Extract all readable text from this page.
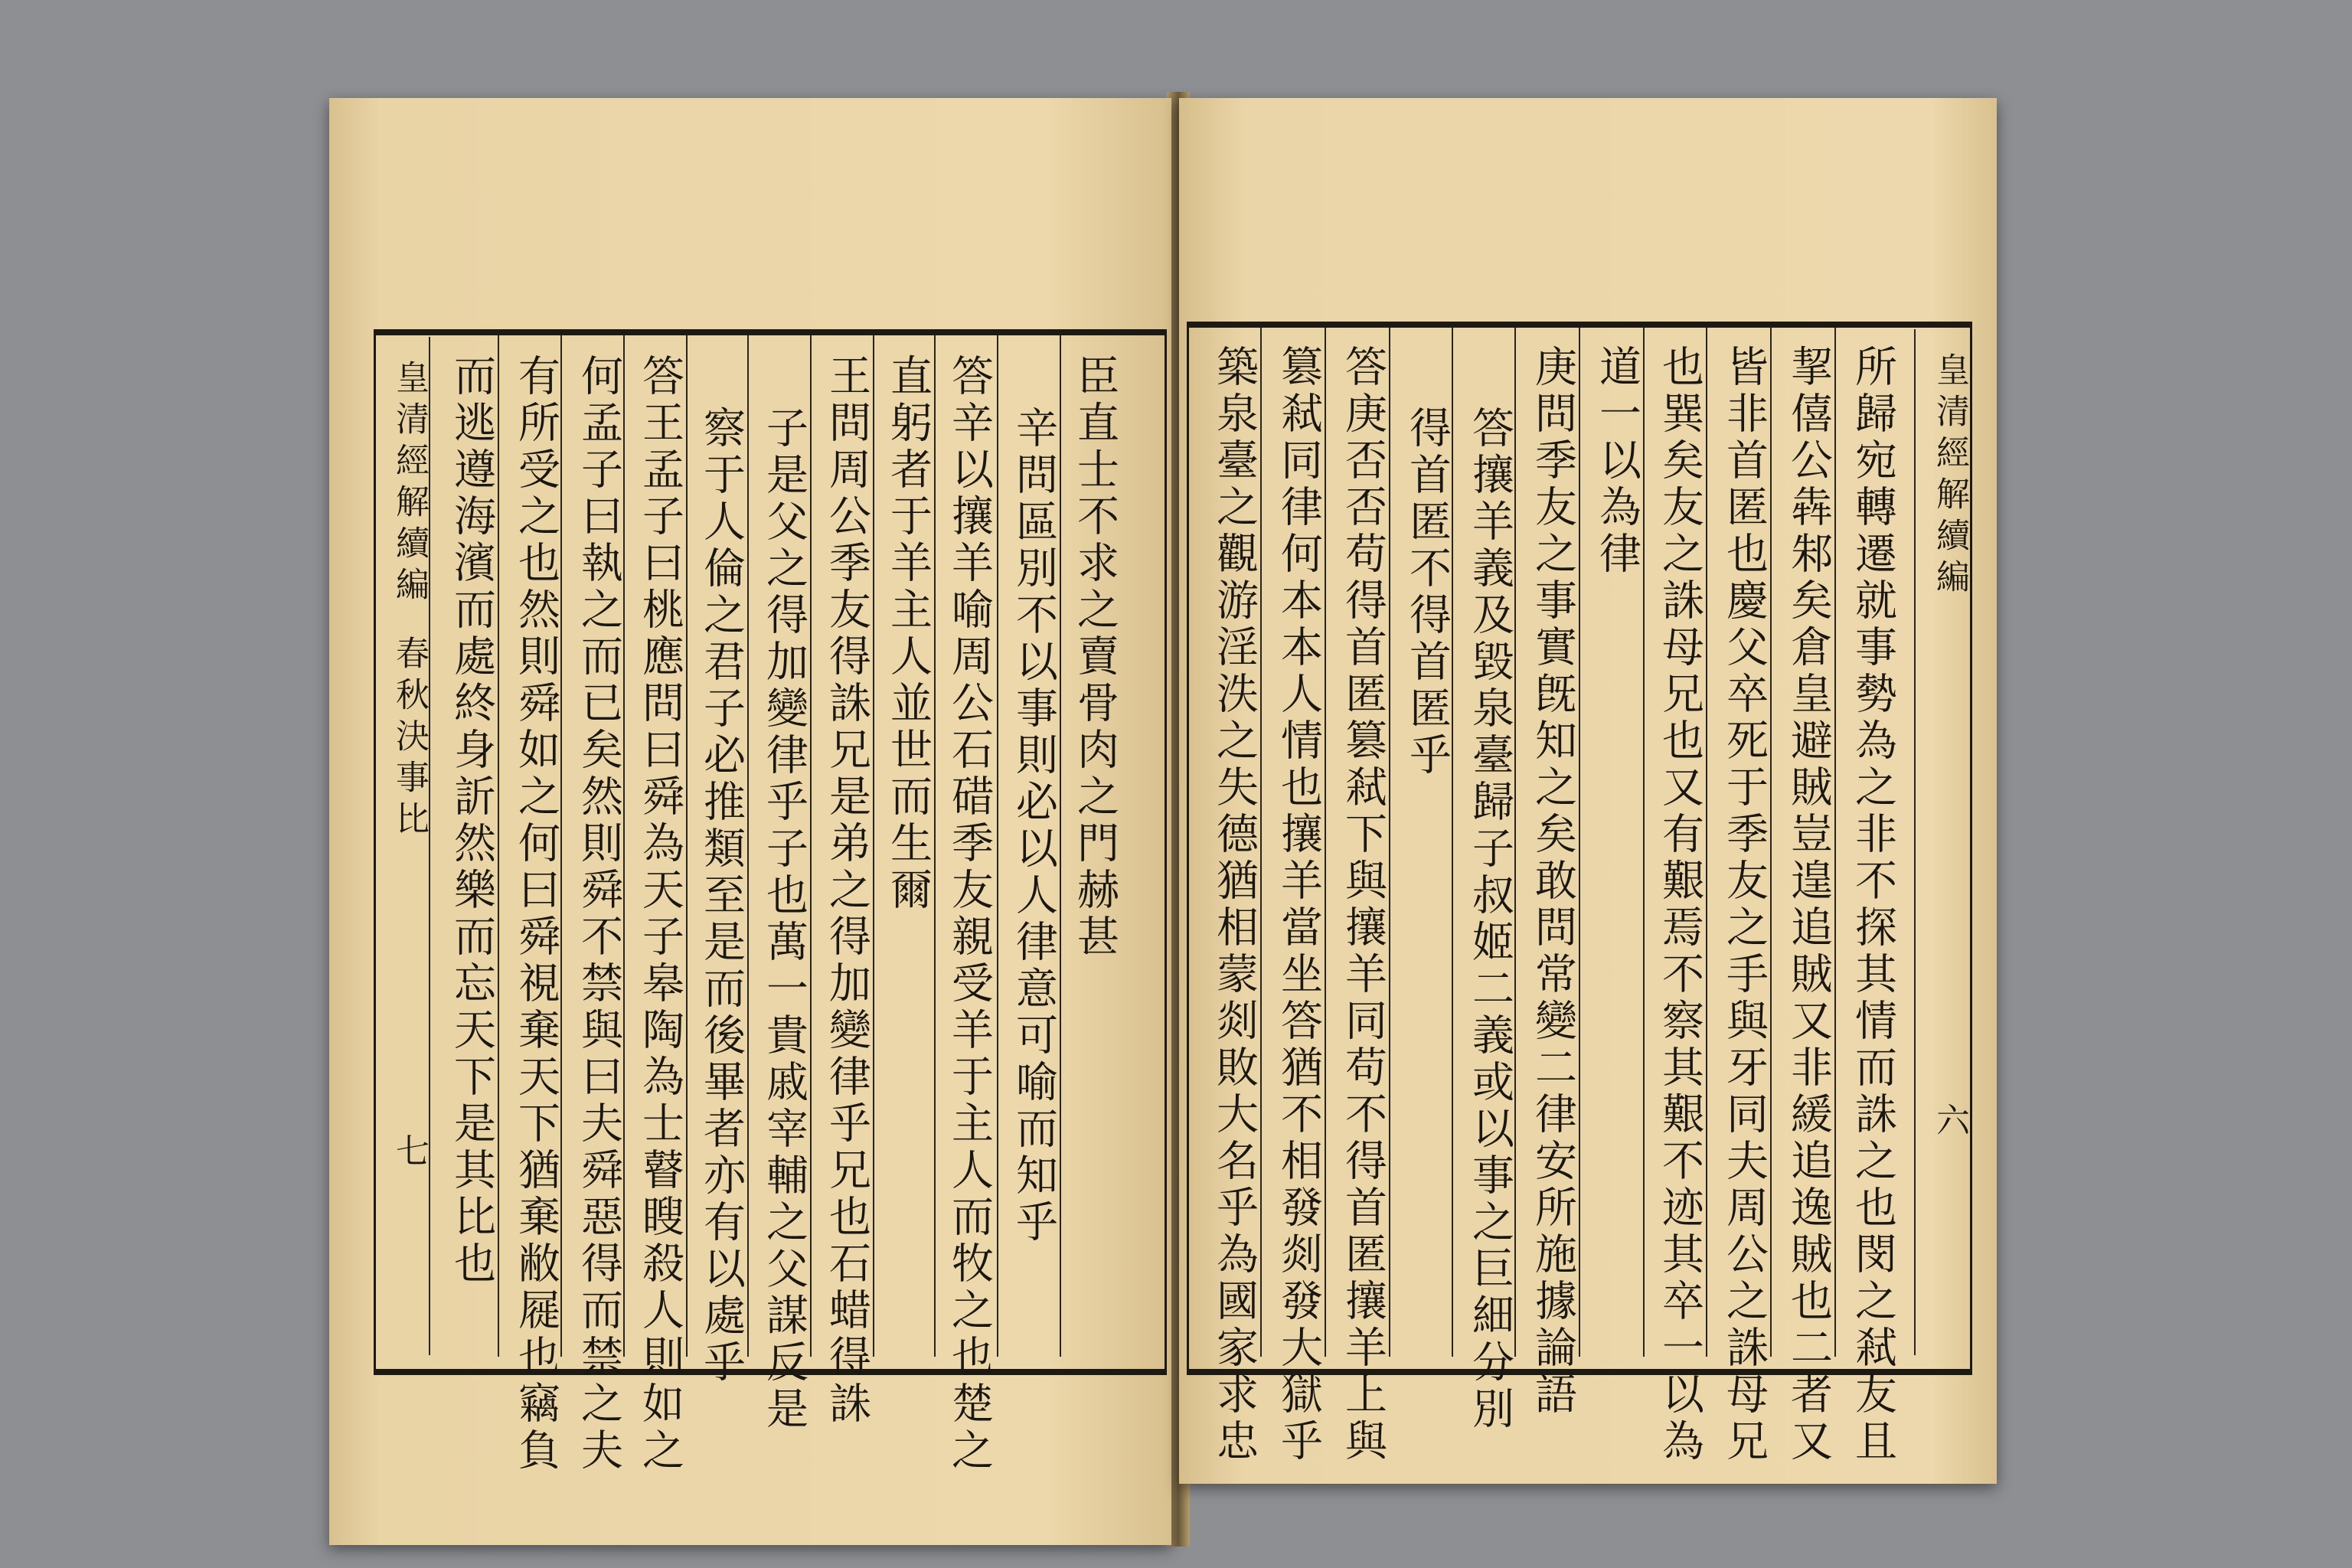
皇清經解續編
春秋決事比
七 而逃遵海濱而處終身訢然樂而忘天下是其比也 有所受之也然則舜如之何曰舜視棄天下猶棄敝屣也竊負 何孟子曰執之而已矣然則舜不禁與曰夫舜惡得而禁之夫 答王孟子曰桃應問曰舜為天子皋陶為士瞽瞍殺人則如之 察于人倫之君子必推類至是而後畢者亦有以處乎 子是父之得加變律乎子也萬一貴戚宰輔之父謀反是 王問周公季友得誅兄是弟之得加變律乎兄也石蜡得誅 直躬者于羊主人並世而生爾 答辛以攘羊喻周公石碏季友親受羊于主人而牧之也楚之 辛問區別不以事則必以人律意可喻而知乎 臣直士不求之賣骨肉之門赫甚 築泉臺之觀游淫泆之失德猶相蒙剡敗大名乎為國家求忠 篡弒同律何本本人情也攘羊當坐答猶不相發剡發大獄乎 答庚否否苟得首匿篡弒下與攘羊同苟不得首匿攘羊上與 得首匿不得首匿乎 答攘羊義及毀泉臺歸子叔姬二義或以事之巨細分別 庚問季友之事實旣知之矣敢問常變二律安所施據論語 道一以為律 也巽矣友之誅母兄也又有艱焉不察其艱不迹其卒一以為 皆非首匿也慶父卒死于季友之手與牙同夫周公之誅母兄 挈僖公犇邾矣倉皇避賊豈遑追賊又非緩追逸賊也二者又 所歸宛轉遷就事勢為之非不探其情而誅之也閔之弒友且 皇清經解續編
六
